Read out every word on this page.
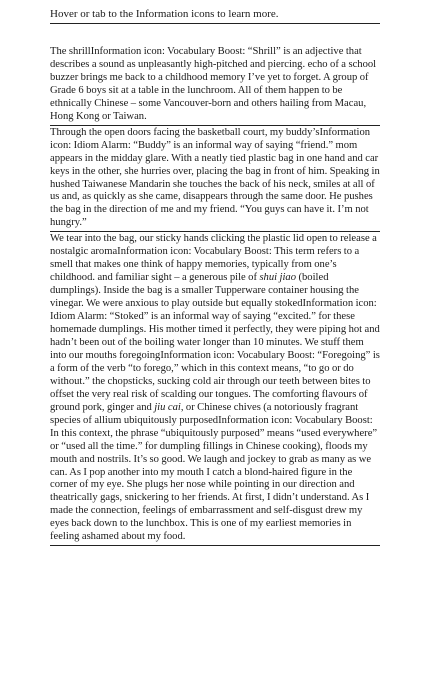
Hover or tab to the Information icons to learn more.

The shrillInformation icon: Vocabulary Boost: “Shrill” is an adjective that describes a sound as unpleasantly high-pitched and piercing. echo of a school buzzer brings me back to a childhood memory I’ve yet to forget. A group of Grade 6 boys sit at a table in the lunchroom. All of them happen to be ethnically Chinese – some Vancouver-born and others hailing from Macau, Hong Kong or Taiwan.

Through the open doors facing the basketball court, my buddy’sInformation icon: Idiom Alarm: “Buddy” is an informal way of saying “friend.” mom appears in the midday glare. With a neatly tied plastic bag in one hand and car keys in the other, she hurries over, placing the bag in front of him. Speaking in hushed Taiwanese Mandarin she touches the back of his neck, smiles at all of us and, as quickly as she came, disappears through the same door. He pushes the bag in the direction of me and my friend. “You guys can have it. I’m not hungry.”

We tear into the bag, our sticky hands clicking the plastic lid open to release a nostalgic aromaInformation icon: Vocabulary Boost: This term refers to a smell that makes one think of happy memories, typically from one’s childhood. and familiar sight – a generous pile of shui jiao (boiled dumplings). Inside the bag is a smaller Tupperware container housing the vinegar. We were anxious to play outside but equally stokedInformation icon: Idiom Alarm: “Stoked” is an informal way of saying “excited.” for these homemade dumplings. His mother timed it perfectly, they were piping hot and hadn’t been out of the boiling water longer than 10 minutes. We stuff them into our mouths foregoingInformation icon: Vocabulary Boost: “Foregoing” is a form of the verb “to forego,” which in this context means, “to go or do without.” the chopsticks, sucking cold air through our teeth between bites to offset the very real risk of scalding our tongues. The comforting flavours of ground pork, ginger and jiu cai, or Chinese chives (a notoriously fragrant species of allium ubiquitously purposedInformation icon: Vocabulary Boost: In this context, the phrase “ubiquitously purposed” means “used everywhere” or “used all the time.” for dumpling fillings in Chinese cooking), floods my mouth and nostrils. It’s so good. We laugh and jockey to grab as many as we can. As I pop another into my mouth I catch a blond-haired figure in the corner of my eye. She plugs her nose while pointing in our direction and theatrically gags, snickering to her friends. At first, I didn’t understand. As I made the connection, feelings of embarrassment and self-disgust drew my eyes back down to the lunchbox. This is one of my earliest memories in feeling ashamed about my food.
